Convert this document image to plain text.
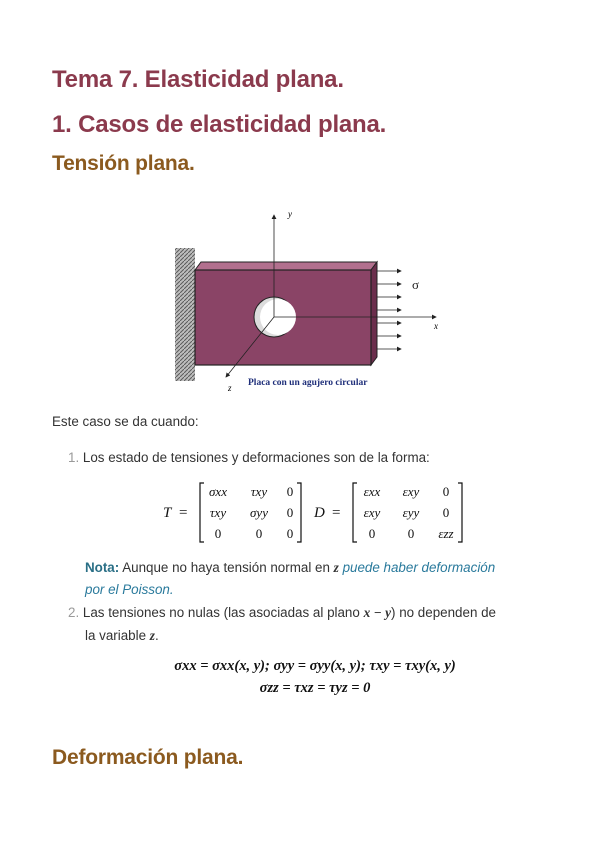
Tema 7. Elasticidad plana.
1. Casos de elasticidad plana.
Tensión plana.
y
x
z
σ
Placa con un agujero circular
Este caso se da cuando:
1. Los estado de tensiones y deformaciones son de la forma:
T =
σxx τxy 0
τxy σyy 0
0	0 0
D =
εxx εxy 0
εxy εyy 0
0	0 εzz
Nota: Aunque no haya tensión normal en z puede haber deformación
por el Poisson.
2. Las tensiones no nulas (las asociadas al plano x − y) no dependen de
la variable z.
σxx = σxx(x, y); σyy = σyy(x, y); τxy = τxy(x, y)
σzz = τxz = τyz = 0
Deformación plana.
